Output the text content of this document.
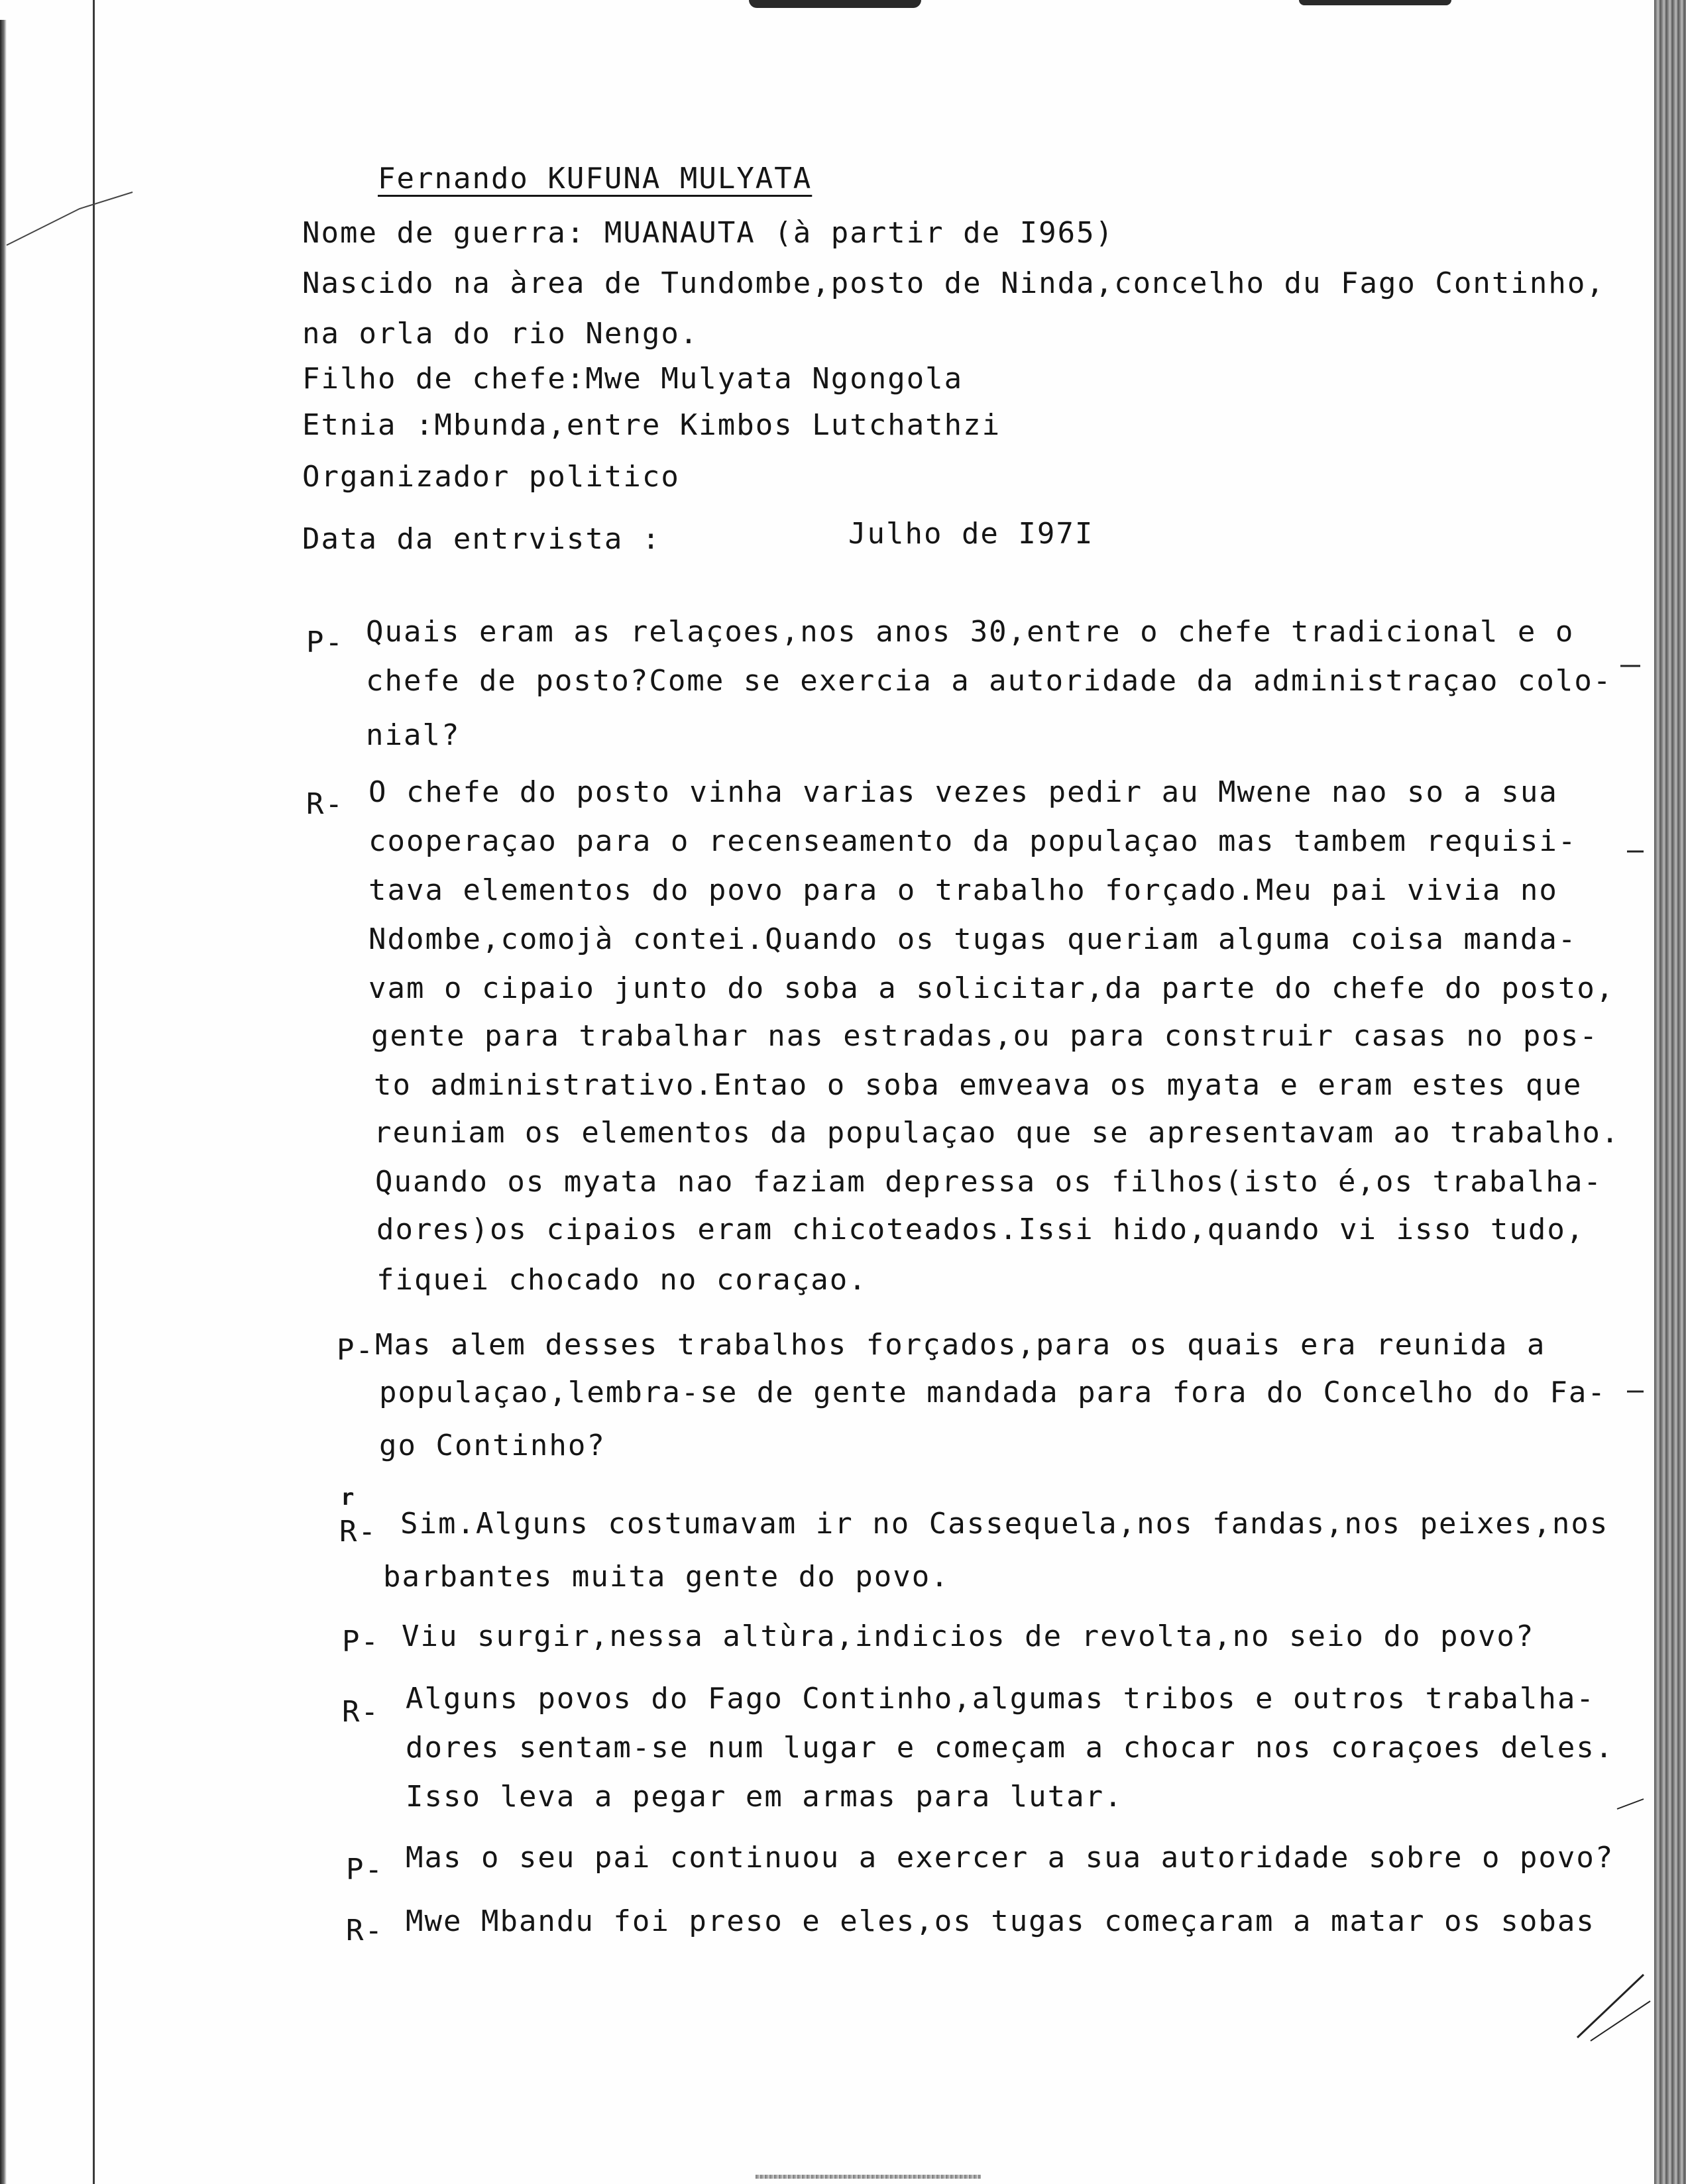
Fernando KUFUNA MULYATA
Nome de guerra: MUANAUTA (à partir de I965)
Nascido na àrea de Tundombe,posto de Ninda,concelho du Fago Continho,
na orla do rio Nengo.
Filho de chefe:Mwe Mulyata Ngongola
Etnia :Mbunda,entre Kimbos Lutchathzi
Organizador politico
Data da entrvista :	Julho de I97I
P- Quais eram as relaçoes,nos anos 30,entre o chefe tradicional e o
chefe de posto?Come se exercia a autoridade da administraçao colo-
nial?
R- O chefe do posto vinha varias vezes pedir au Mwene nao so a sua
cooperaçao para o recenseamento da populaçao mas tambem requisi-
tava elementos do povo para o trabalho forçado.Meu pai vivia no
Ndombe,comojà contei.Quando os tugas queriam alguma coisa manda-
vam o cipaio junto do soba a solicitar,da parte do chefe do posto,
gente para trabalhar nas estradas,ou para construir casas no pos-
to administrativo.Entao o soba emveava os myata e eram estes que
reuniam os elementos da populaçao que se apresentavam ao trabalho.
Quando os myata nao faziam depressa os filhos(isto é,os trabalha-
dores)os cipaios eram chicoteados.Issi hido,quando vi isso tudo,
fiquei chocado no coraçao.
P- Mas alem desses trabalhos forçados,para os quais era reunida a
populaçao,lembra-se de gente mandada para fora do Concelho do Fa-
go Continho?
r
R- Sim.Alguns costumavam ir no Cassequela,nos fandas,nos peixes,nos
barbantes muita gente do povo.
P- Viu surgir,nessa altùra,indicios de revolta,no seio do povo?
R- Alguns povos do Fago Continho,algumas tribos e outros trabalha-
dores sentam-se num lugar e começam a chocar nos coraçoes deles.
Isso leva a pegar em armas para lutar.
P- Mas o seu pai continuou a exercer a sua autoridade sobre o povo?
R- Mwe Mbandu foi preso e eles,os tugas começaram a matar os sobas
